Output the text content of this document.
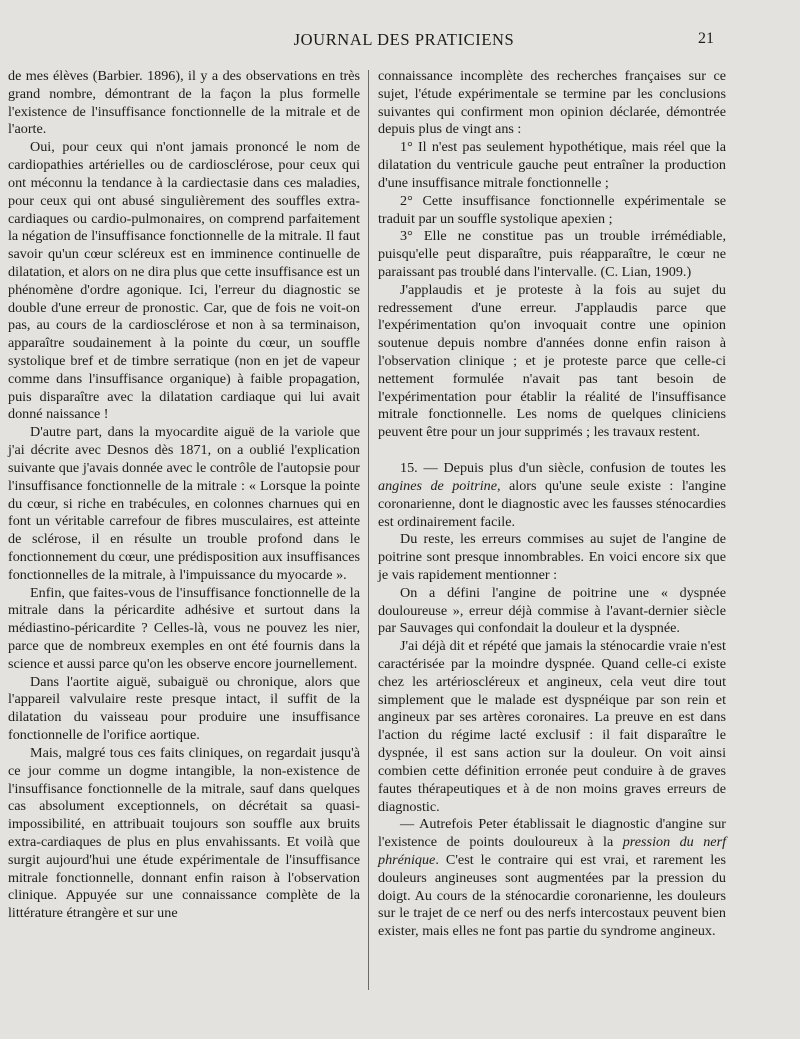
JOURNAL DES PRATICIENS	21

de mes élèves (Barbier. 1896), il y a des observations en très grand nombre, démontrant de la façon la plus formelle l'existence de l'insuffisance fonctionnelle de la mitrale et de l'aorte.

Oui, pour ceux qui n'ont jamais prononcé le nom de cardiopathies artérielles ou de cardiosclérose, pour ceux qui ont méconnu la tendance à la cardiectasie dans ces maladies, pour ceux qui ont abusé singulièrement des souffles extra-cardiaques ou cardio-pulmonaires, on comprend parfaitement la négation de l'insuffisance fonctionnelle de la mitrale. Il faut savoir qu'un cœur scléreux est en imminence continuelle de dilatation, et alors on ne dira plus que cette insuffisance est un phénomène d'ordre agonique. Ici, l'erreur du diagnostic se double d'une erreur de pronostic. Car, que de fois ne voit-on pas, au cours de la cardiosclérose et non à sa terminaison, apparaître soudainement à la pointe du cœur, un souffle systolique bref et de timbre serratique (non en jet de vapeur comme dans l'insuffisance organique) à faible propagation, puis disparaître avec la dilatation cardiaque qui lui avait donné naissance !

D'autre part, dans la myocardite aiguë de la variole que j'ai décrite avec Desnos dès 1871, on a oublié l'explication suivante que j'avais donnée avec le contrôle de l'autopsie pour l'insuffisance fonctionnelle de la mitrale : « Lorsque la pointe du cœur, si riche en trabécules, en colonnes charnues qui en font un véritable carrefour de fibres musculaires, est atteinte de sclérose, il en résulte un trouble profond dans le fonctionnement du cœur, une prédisposition aux insuffisances fonctionnelles de la mitrale, à l'impuissance du myocarde ».

Enfin, que faites-vous de l'insuffisance fonctionnelle de la mitrale dans la péricardite adhésive et surtout dans la médiastino-péricardite ? Celles-là, vous ne pouvez les nier, parce que de nombreux exemples en ont été fournis dans la science et aussi parce qu'on les observe encore journellement.

Dans l'aortite aiguë, subaiguë ou chronique, alors que l'appareil valvulaire reste presque intact, il suffit de la dilatation du vaisseau pour produire une insuffisance fonctionnelle de l'orifice aortique.

Mais, malgré tous ces faits cliniques, on regardait jusqu'à ce jour comme un dogme intangible, la non-existence de l'insuffisance fonctionnelle de la mitrale, sauf dans quelques cas absolument exceptionnels, on décrétait sa quasi-impossibilité, en attribuait toujours son souffle aux bruits extra-cardiaques de plus en plus envahissants. Et voilà que surgit aujourd'hui une étude expérimentale de l'insuffisance mitrale fonctionnelle, donnant enfin raison à l'observation clinique. Appuyée sur une connaissance complète de la littérature étrangère et sur une

connaissance incomplète des recherches françaises sur ce sujet, l'étude expérimentale se termine par les conclusions suivantes qui confirment mon opinion déclarée, démontrée depuis plus de vingt ans :

1° Il n'est pas seulement hypothétique, mais réel que la dilatation du ventricule gauche peut entraîner la production d'une insuffisance mitrale fonctionnelle ;

2° Cette insuffisance fonctionnelle expérimentale se traduit par un souffle systolique apexien ;

3° Elle ne constitue pas un trouble irrémédiable, puisqu'elle peut disparaître, puis réapparaître, le cœur ne paraissant pas troublé dans l'intervalle. (C. Lian, 1909.)

J'applaudis et je proteste à la fois au sujet du redressement d'une erreur. J'applaudis parce que l'expérimentation qu'on invoquait contre une opinion soutenue depuis nombre d'années donne enfin raison à l'observation clinique ; et je proteste parce que celle-ci nettement formulée n'avait pas tant besoin de l'expérimentation pour établir la réalité de l'insuffisance mitrale fonctionnelle. Les noms de quelques cliniciens peuvent être pour un jour supprimés ; les travaux restent.

15. — Depuis plus d'un siècle, confusion de toutes les angines de poitrine, alors qu'une seule existe : l'angine coronarienne, dont le diagnostic avec les fausses sténocardies est ordinairement facile.

Du reste, les erreurs commises au sujet de l'angine de poitrine sont presque innombrables. En voici encore six que je vais rapidement mentionner :

On a défini l'angine de poitrine une « dyspnée douloureuse », erreur déjà commise à l'avant-dernier siècle par Sauvages qui confondait la douleur et la dyspnée.

J'ai déjà dit et répété que jamais la sténocardie vraie n'est caractérisée par la moindre dyspnée. Quand celle-ci existe chez les artérioscléreux et angineux, cela veut dire tout simplement que le malade est dyspnéique par son rein et angineux par ses artères coronaires. La preuve en est dans l'action du régime lacté exclusif : il fait disparaître le dyspnée, il est sans action sur la douleur. On voit ainsi combien cette définition erronée peut conduire à de graves fautes thérapeutiques et à de non moins graves erreurs de diagnostic.

— Autrefois Peter établissait le diagnostic d'angine sur l'existence de points douloureux à la pression du nerf phrénique. C'est le contraire qui est vrai, et rarement les douleurs angineuses sont augmentées par la pression du doigt. Au cours de la sténocardie coronarienne, les douleurs sur le trajet de ce nerf ou des nerfs intercostaux peuvent bien exister, mais elles ne font pas partie du syndrome angineux.
